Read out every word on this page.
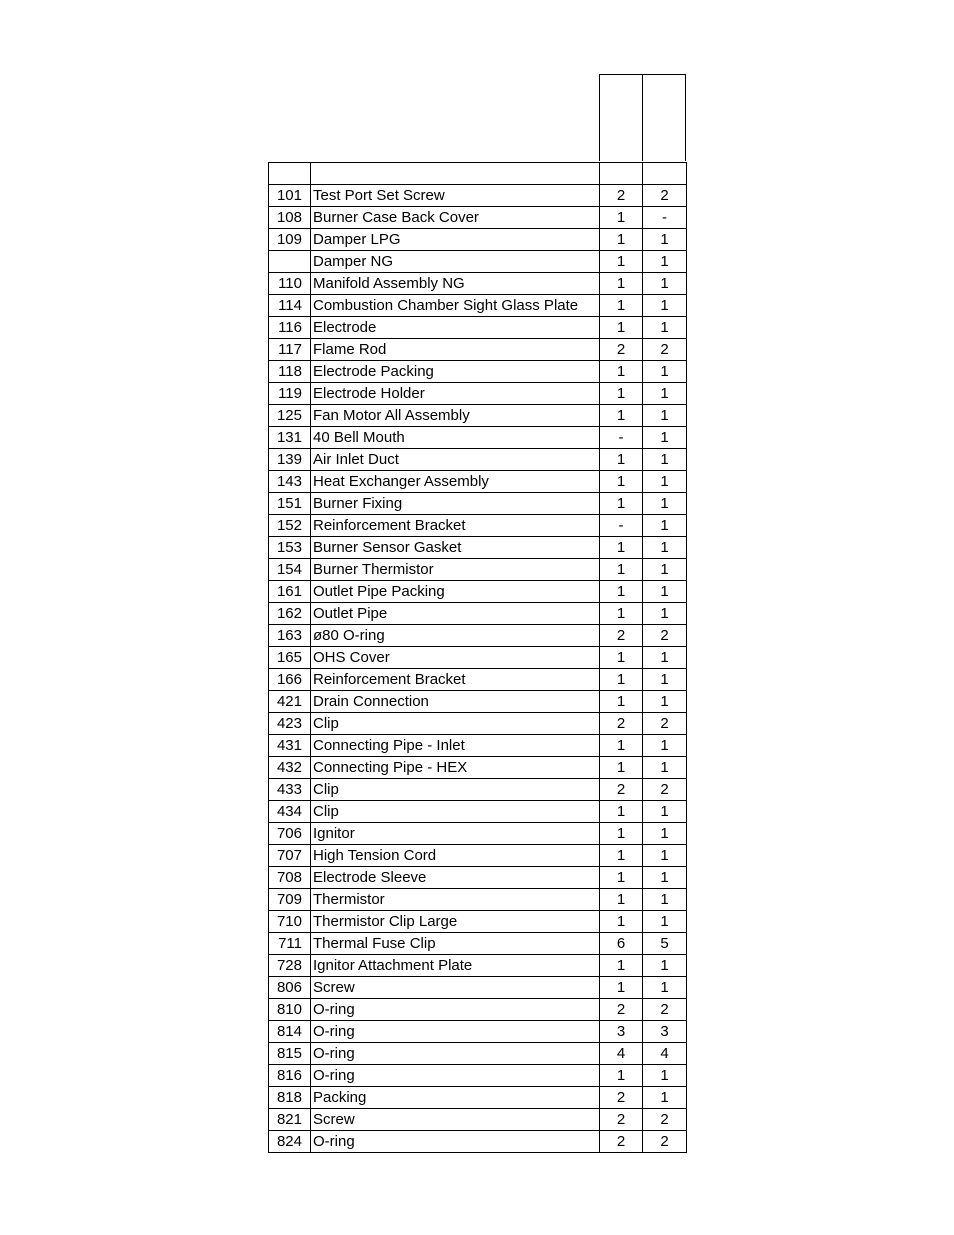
101	Test Port Set Screw	2	2
108	Burner Case Back Cover	1	-
109	Damper LPG	1	1
	Damper NG	1	1
110	Manifold Assembly NG	1	1
114	Combustion Chamber Sight Glass Plate	1	1
116	Electrode	1	1
117	Flame Rod	2	2
118	Electrode Packing	1	1
119	Electrode Holder	1	1
125	Fan Motor All Assembly	1	1
131	40 Bell Mouth	-	1
139	Air Inlet Duct	1	1
143	Heat Exchanger Assembly	1	1
151	Burner Fixing	1	1
152	Reinforcement Bracket	-	1
153	Burner Sensor Gasket	1	1
154	Burner Thermistor	1	1
161	Outlet Pipe Packing	1	1
162	Outlet Pipe	1	1
163	ø80 O-ring	2	2
165	OHS Cover	1	1
166	Reinforcement Bracket	1	1
421	Drain Connection	1	1
423	Clip	2	2
431	Connecting Pipe - Inlet	1	1
432	Connecting Pipe - HEX	1	1
433	Clip	2	2
434	Clip	1	1
706	Ignitor	1	1
707	High Tension Cord	1	1
708	Electrode Sleeve	1	1
709	Thermistor	1	1
710	Thermistor Clip Large	1	1
711	Thermal Fuse Clip	6	5
728	Ignitor Attachment Plate	1	1
806	Screw	1	1
810	O-ring	2	2
814	O-ring	3	3
815	O-ring	4	4
816	O-ring	1	1
818	Packing	2	1
821	Screw	2	2
824	O-ring	2	2
